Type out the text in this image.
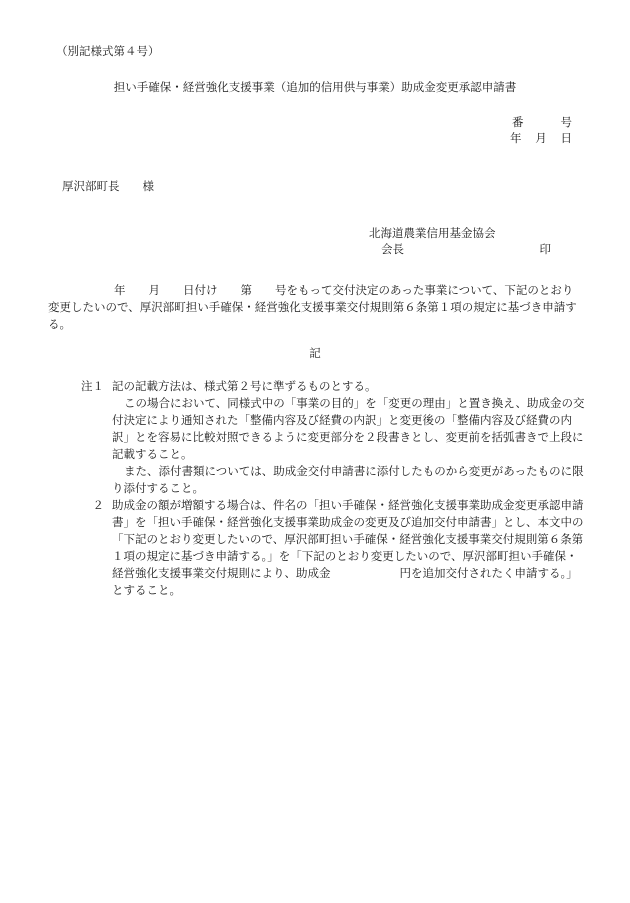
（別記様式第４号）
担い手確保・経営強化支援事業（追加的信用供与事業）助成金変更承認申請書
番	号
年 月 日
厚沢部町長　　様
北海道農業信用基金協会
会長	印
年　　月　　日付け　　第　　号をもって交付決定のあった事業について、下記のとおり変更したいので、厚沢部町担い手確保・経営強化支援事業交付規則第６条第１項の規定に基づき申請する。
記
注１ 記の記載方法は、様式第２号に準ずるものとする。
この場合において、同様式中の「事業の目的」を「変更の理由」と置き換え、助成金の交付決定により通知された「整備内容及び経費の内訳」と変更後の「整備内容及び経費の内訳」とを容易に比較対照できるように変更部分を２段書きとし、変更前を括弧書きで上段に記載すること。
また、添付書類については、助成金交付申請書に添付したものから変更があったものに限り添付すること。
２ 助成金の額が増額する場合は、件名の「担い手確保・経営強化支援事業助成金変更承認申請書」を「担い手確保・経営強化支援事業助成金の変更及び追加交付申請書」とし、本文中の「下記のとおり変更したいので、厚沢部町担い手確保・経営強化支援事業交付規則第６条第１項の規定に基づき申請する。」を「下記のとおり変更したいので、厚沢部町担い手確保・経営強化支援事業交付規則により、助成金　　　　　　円を追加交付されたく申請する。」とすること。
